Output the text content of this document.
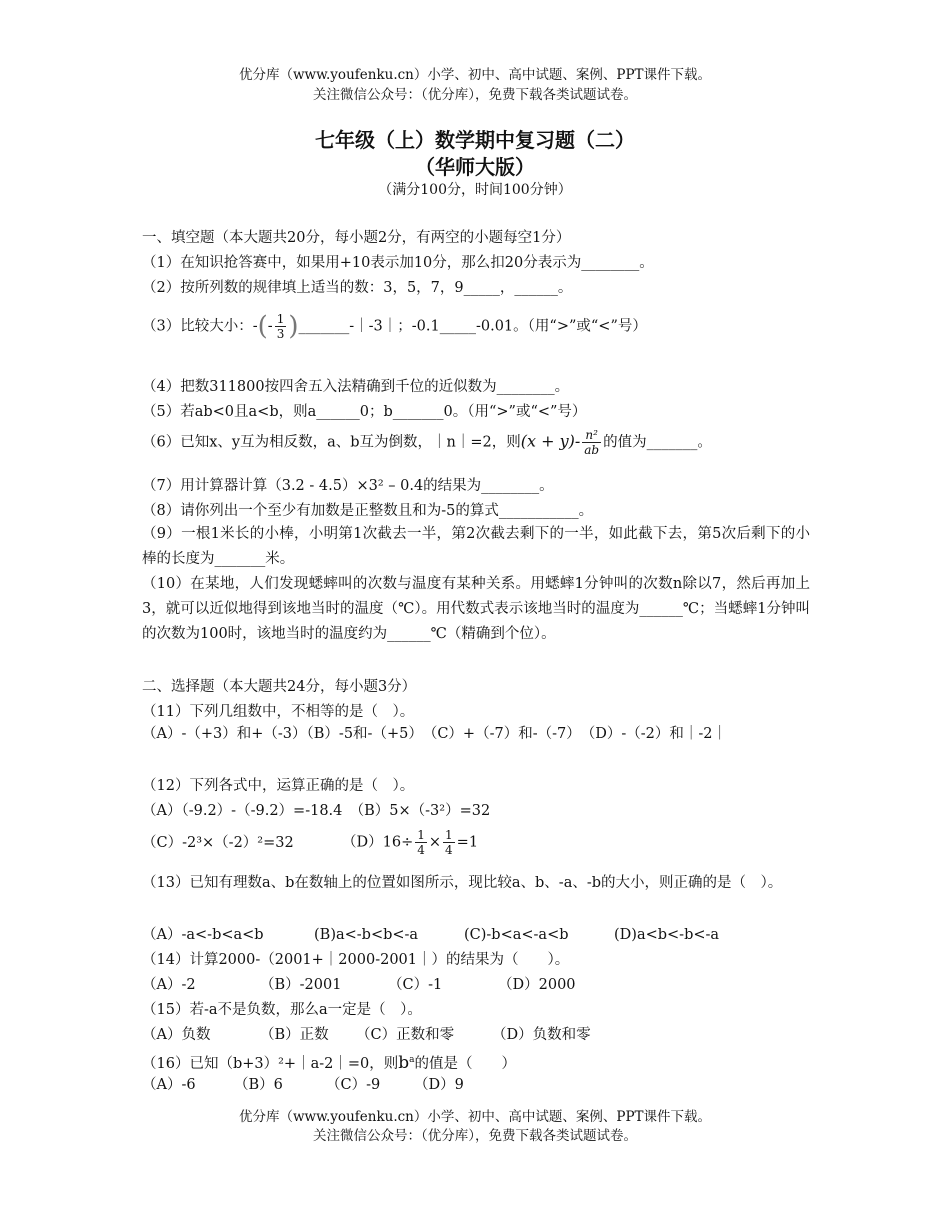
优分库（www.youfenku.cn）小学、初中、高中试题、案例、PPT课件下载。
关注微信公众号：（优分库），免费下载各类试题试卷。
七年级（上）数学期中复习题（二）
（华师大版）
（满分100分，时间100分钟）
一、填空题（本大题共20分，每小题2分，有两空的小题每空1分）
（1）在知识抢答赛中，如果用+10表示加10分，那么扣20分表示为________。
（2）按所列数的规律填上适当的数：3，5，7，9_____，______。
（3）比较大小：-(- $\frac{1}{3}$ )_______-｜-3｜；-0.1_____-0.01。（用“>”或“<”号）
（4）把数311800按四舍五入法精确到千位的近似数为________。
（5）若ab<0且a<b，则a______0；b_______0。（用“>”或“<”号）
（6）已知x、y互为相反数，a、b互为倒数，｜n｜=2，则$(x + y)- \frac{\text{n²}}{ab}$ 的值为_______。
（7）用计算器计算（3.2 - 4.5）×3² – 0.4的结果为________。
（8）请你列出一个至少有加数是正整数且和为-5的算式___________。
（9）一根1米长的小棒，小明第1次截去一半，第2次截去剩下的一半，如此截下去，第5次后剩下的小棒的长度为_______米。
（10）在某地，人们发现蟋蟀叫的次数与温度有某种关系。用蟋蟀1分钟叫的次数n除以7，然后再加上3，就可以近似地得到该地当时的温度（℃）。用代数式表示该地当时的温度为______℃；当蟋蟀1分钟叫的次数为100时，该地当时的温度约为______℃（精确到个位）。
二、选择题（本大题共24分，每小题3分）
（11）下列几组数中，不相等的是（　）。
（A）-（+3）和+（-3）（B）-5和-（+5）　（C）+（-7）和-（-7）　（D）-（-2）和｜-2｜
（12）下列各式中，运算正确的是（　）。
（A）（-9.2）-（-9.2）=-18.4　（B）5×（-3²）=32
（C）-2³×（-2）²=32	$(D)16\div \frac{1}{4} \times \frac{1}{4} =1$
（13）已知有理数a、b在数轴上的位置如图所示，现比较a、b、-a、-b的大小，则正确的是（　）。
（A）-a<-b<a<b	(B)a<-b<b<-a	(C)-b<a<-a<b	(D)a<b<-b<-a
（14）计算2000-（2001+｜2000-2001｜）的结果为（　　）。
（A）-2	（B）-2001	（C）-1	（D）2000
（15）若-a不是负数，那么a一定是（　）。
（A）负数	（B）正数 （C）正数和零	（D）负数和零
（16）已知（b+3）²+｜a-2｜=0，则$b^a$的值是（　　）
（A）-6	（B）6	（C）-9 （D）9
优分库（www.youfenku.cn）小学、初中、高中试题、案例、PPT课件下载。
关注微信公众号：（优分库），免费下载各类试题试卷。
